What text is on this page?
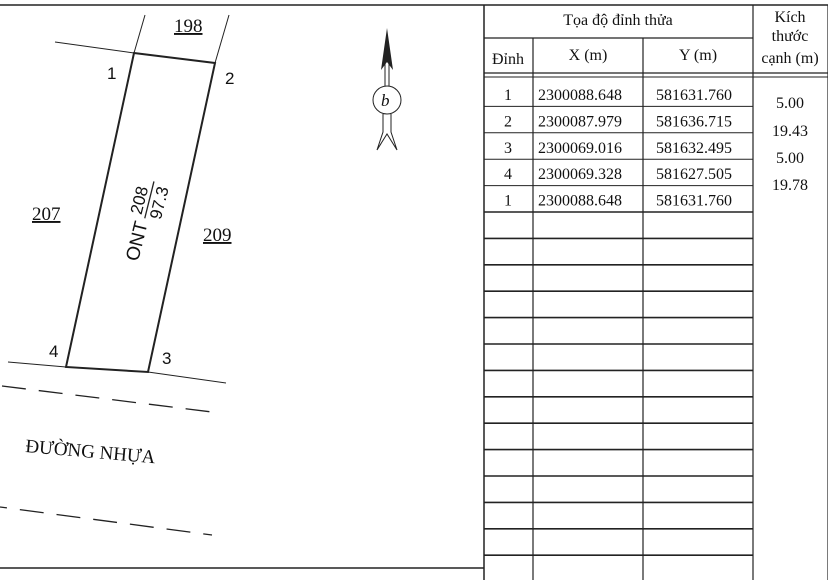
1	2
3
4
198
207
209
ONT
208
97.3
ĐƯỜNG NHỰA
b
Tọa độ đỉnh thửa
Đỉnh	X (m)	Y (m)
Kích
thước
cạnh (m)
5.00
19.43
5.00
19.78
1 2300088.648 581631.760
2 2300087.979 581636.715
3 2300069.016 581632.495
4 2300069.328 581627.505
1 2300088.648 581631.760
